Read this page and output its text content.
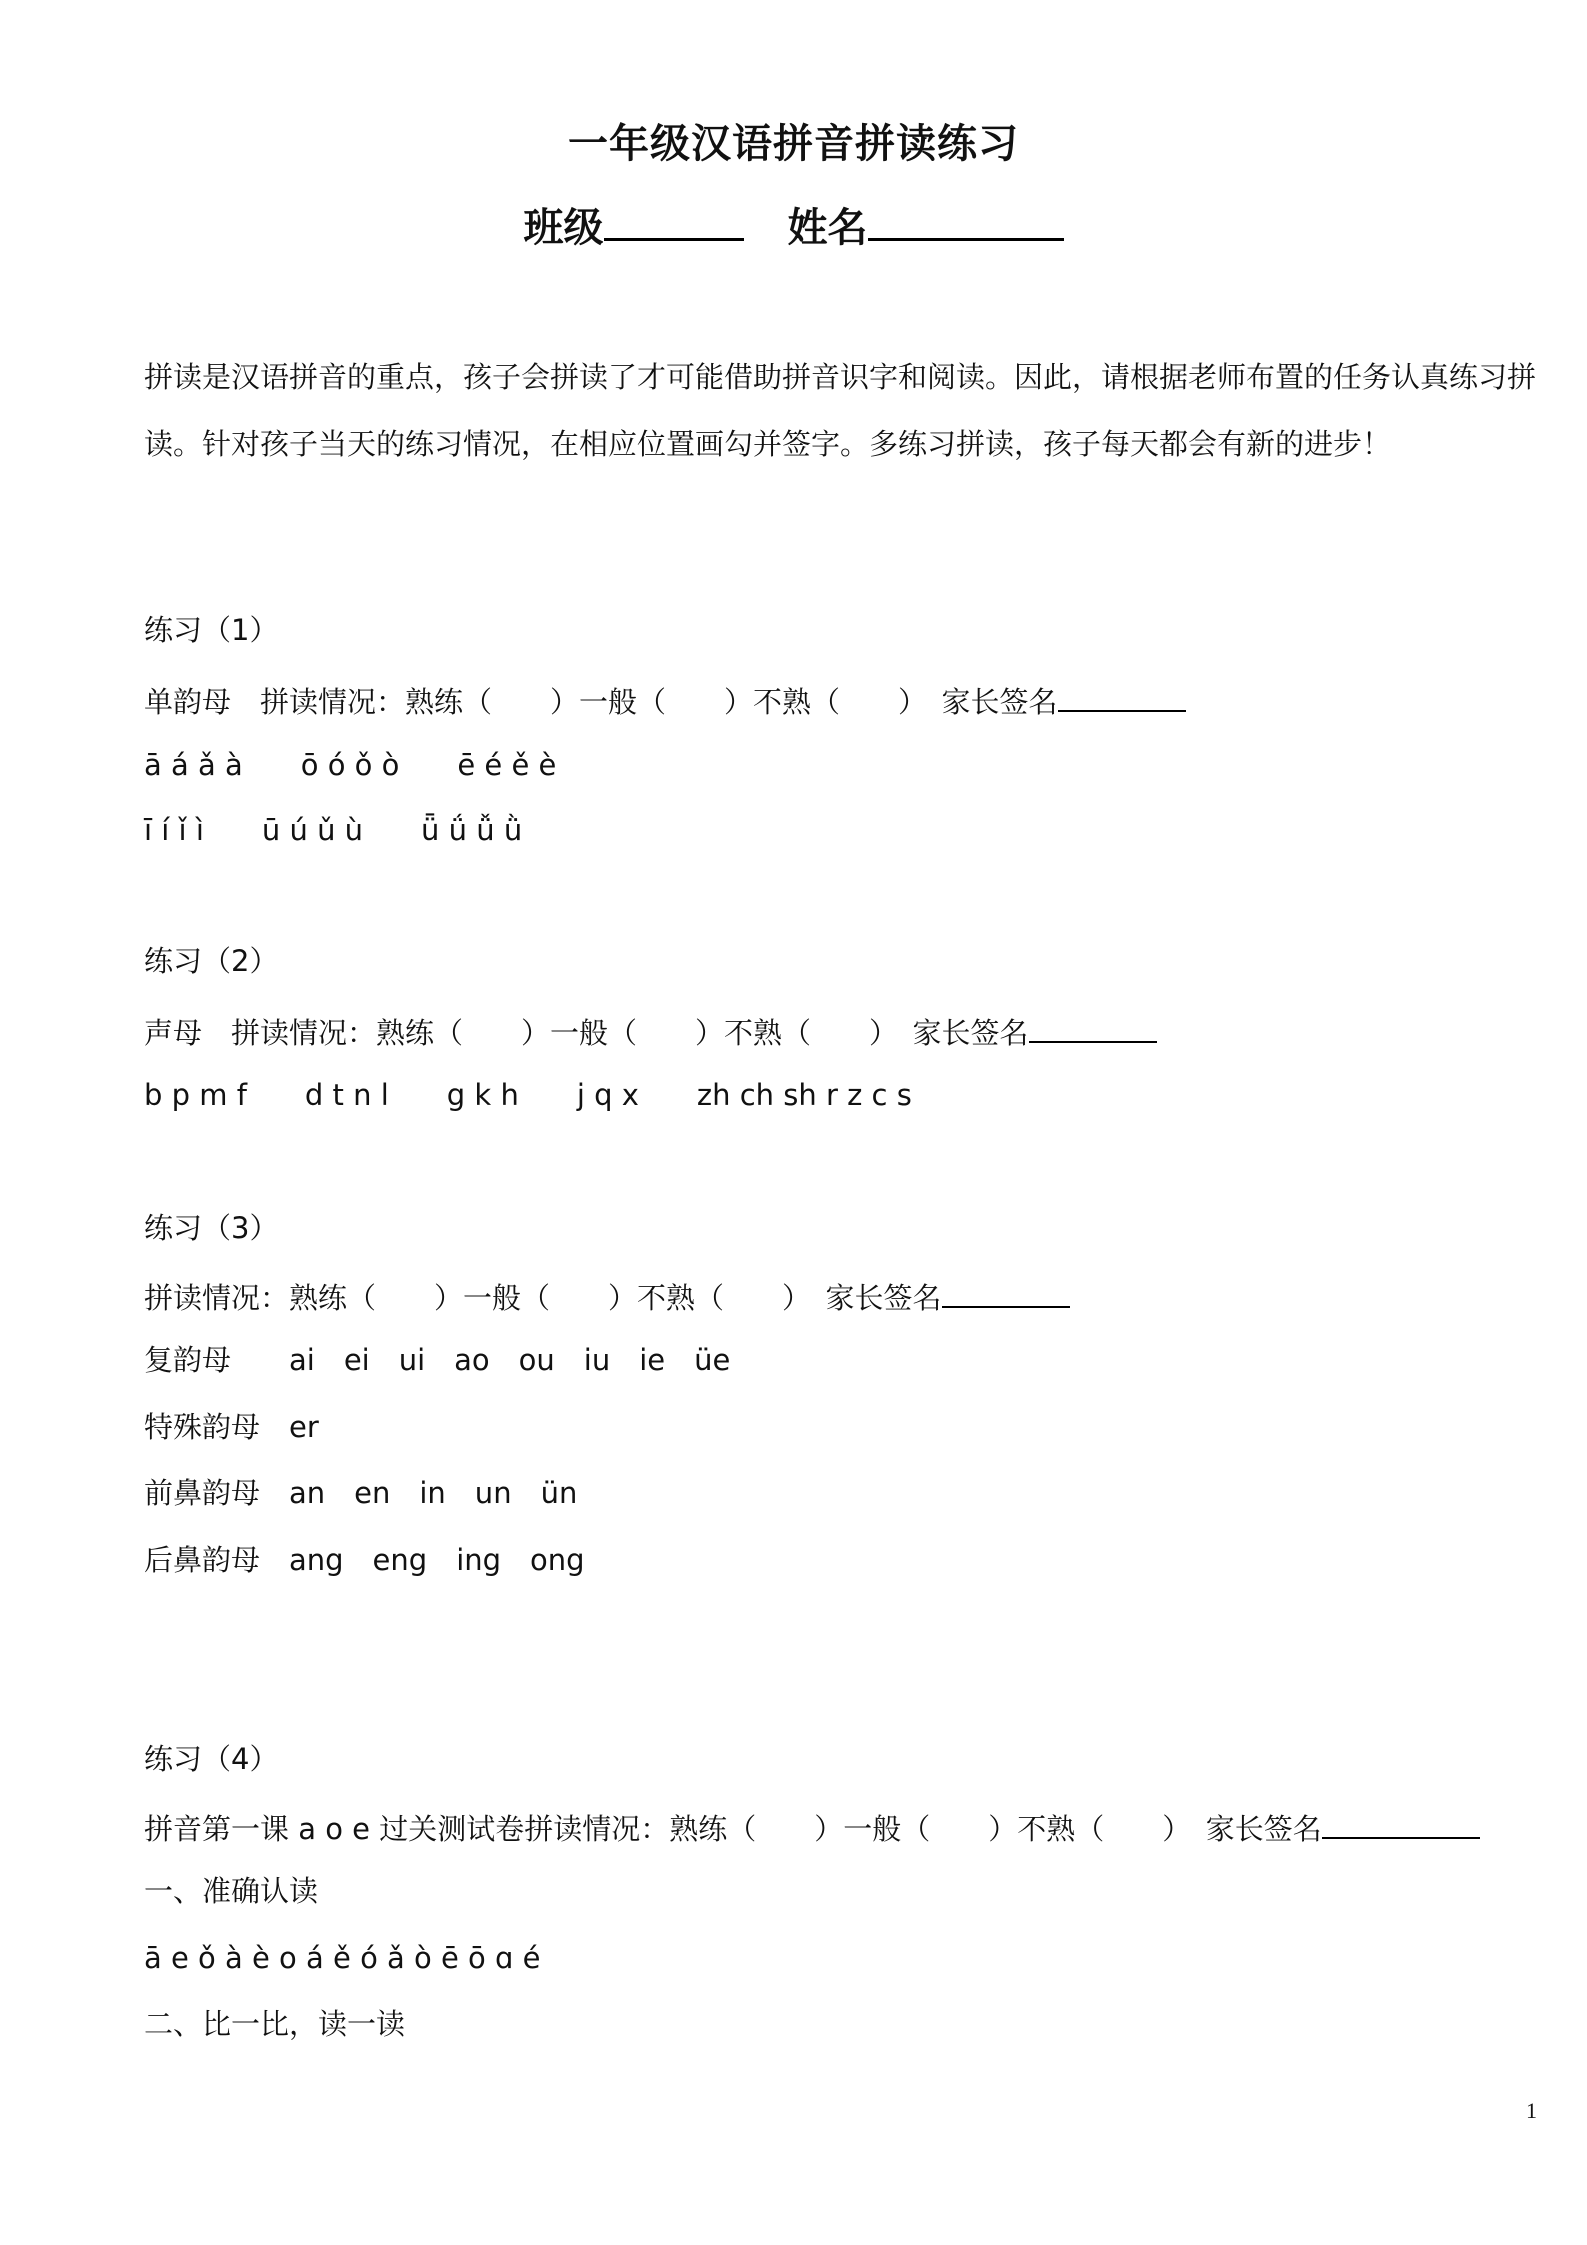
一年级汉语拼音拼读练习
班级	姓名
拼读是汉语拼音的重点，孩子会拼读了才可能借助拼音识字和阅读。因此，请根据老师布置的任务认真练习拼读。针对孩子当天的练习情况，在相应位置画勾并签字。多练习拼读，孩子每天都会有新的进步！
练习（1）
单韵母　拼读情况：熟练（　　）一般（　　）不熟（　　）　家长签名
ā á ǎ à　　ō ó ǒ ò　　ē é ě è
ī í ǐ ì　　ū ú ǔ ù　　ǖ ǘ ǚ ǜ
练习（2）
声母　拼读情况：熟练（　　）一般（　　）不熟（　　）　家长签名
b p m f　　d t n l　　g k h　　j q x　　zh ch sh r z c s
练习（3）
拼读情况：熟练（　　）一般（　　）不熟（　　）　家长签名
复韵母　　ai　ei　ui　ao　ou　iu　ie　üe
特殊韵母　er
前鼻韵母　an　en　in　un　ün
后鼻韵母　ang　eng　ing　ong
练习（4）
拼音第一课 a o e 过关测试卷拼读情况：熟练（　　）一般（　　）不熟（　　）　家长签名
一、准确认读
ā e ǒ à è o á ě ó ǎ ò ē ō ɑ é
二、比一比，读一读
1
